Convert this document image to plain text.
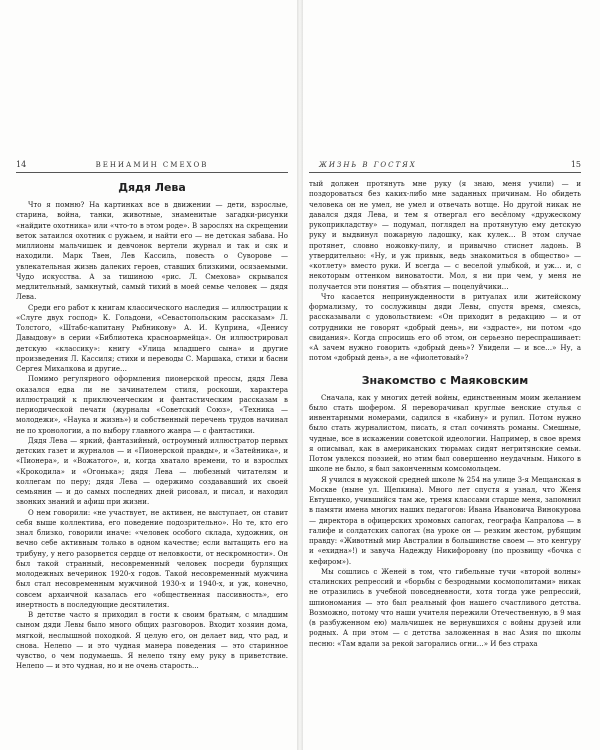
14	ВЕНИАМИН СМЕХОВ
Дядя Лева

Что я помню? На картинках все в движении — дети, взрослые, старина, война, танки, животные, знаменитые загадки-рисунки «найдите охотника» или «что-то в этом роде». В зарослях на скрещении веток затаился охотник с ружьем, и найти его — не детская забава. Но миллионы мальчишек и девчонок вертели журнал и так и сяк и находили. Марк Твен, Лев Кассиль, повесть о Суворове — увлекательная жизнь далеких героев, ставших близкими, осязаемыми. Чудо искусства. А за тишиною «рис. Л. Смехова» скрывался медлительный, замкнутый, самый тихий в моей семье человек — дядя Лева.

Среди его работ к книгам классического наследия — иллюстрации к «Слуге двух господ» К. Гольдони, «Севастопольским рассказам» Л. Толстого, «Штабс-капитану Рыбникову» А. И. Куприна, «Денису Давыдову» в серии «Библиотека красноармейца». Он иллюстрировал детскую «классику»: книгу «Улица младшего сына» и другие произведения Л. Кассиля; стихи и переводы С. Маршака, стихи и басни Сергея Михалкова и другие…

Помимо регулярного оформления пионерской прессы, дядя Лева оказался едва ли не зачинателем стиля, роскоши, характера иллюстраций к приключенческим и фантастическим рассказам в периодической печати (журналы «Советский Союз», «Техника — молодежи», «Наука и жизнь») и собственный перечень трудов начинал не по хронологии, а по выбору главного жанра — с фантастики.

Дядя Лева — яркий, фантазийный, остроумный иллюстратор первых детских газет и журналов — и «Пионерской правды», и «Затейника», и «Пионера», и «Вожатого», и, когда хватало времени, то и взрослых «Крокодила» и «Огонька»; дядя Лева — любезный читателям и коллегам по перу; дядя Лева — одержимо создававший их своей семьянин — и до самых последних дней рисовал, и писал, и находил звонких знаний и афиш при жизни.

О нем говорили: «не участвует, не активен, не выступает, он ставит себя выше коллектива, его поведение подозрительно». Но те, кто его знал близко, говорили иначе: «человек особого склада, художник, он вечно себе активным только в одном качестве; если вытащить его на трибуну, у него разорвется сердце от неловкости, от нескромности». Он был такой странный, несовременный человек посреди бурлящих молодежных вечеринок 1920-х годов. Такой несовременный мужчина был стал несовременным мужчиной 1930-х и 1940-х, и уж, конечно, совсем архаичной казалась его «общественная пассивность», его инертность в последующие десятилетия.

В детстве часто я приходил в гости к своим братьям, с младшим сыном дяди Левы было много общих разговоров. Входит хозяин дома, мягкой, неслышной походкой. Я целую его, он делает вид, что рад, и снова. Нелепо — и это чудная манера поведения — это старинное чувство, о чем подумаешь. Я нелепо тяну ему руку в приветствие. Нелепо — и это чудная, но и не очень старость...

ЖИЗНЬ В ГОСТЯХ	15

тый должен протянуть мне руку (я знаю, меня учили) — и поздороваться без каких-либо мне заданных причинам. Но обидеть человека он не умел, не умел и отвечать вотще. Но другой никак не давался дядя Лева, и тем я отвергал его весёлому «дружескому рукоприкладству» — подумал, поглядел на протянутую ему детскую руку и выдвинул пожарную ладошку, как кулек… В этом случае протянет, словно ножовку-пилу, и привычно стиснет ладонь. В утвердительно: «Ну, и уж привык, ведь знакомиться в общество» — «котлету» вместо руки. И всегда — с веселой улыбкой, и уж… и, с некоторым оттенком виноватости. Мол, я ни при чем, у меня не получается эти понятия — объятия — поцелуйчики…

Что касается непринужденности в ритуалах или житейскому формализму, то сослуживцы дяди Левы, спустя время, смеясь, рассказывали с удовольствием: «Он приходит в редакцию — и от сотрудники не говорят «добрый день», ни «здрасте», ни потом «до свидания». Когда спросишь его об этом, он серьезно переспрашивает: «А зачем нужно говорить «добрый день»? Увидели — и все…» Ну, а потом «добрый день», а не «фиолетовый»?

Знакомство с Маяковским

Сначала, как у многих детей войны, единственным моим желанием было стать шофером. Я переворачивал круглые венские стулья с инвентарными номерами, садился в «кабину» и рулил. Потом нужно было стать журналистом, писать, я стал сочинять романы. Смешные, чудные, все в искажении советской идеологии. Например, в свое время я описывал, как в американских тюрьмах сидят негритянские семьи. Потом увлекся поэзией, но этим был совершенно неудачным. Никого в школе не было, я был законченным комсомольцем.

Я учился в мужской средней школе № 254 на улице 3-я Мещанская в Москве (ныне ул. Щепкина). Много лет спустя я узнал, что Женя Евтушенко, учившийся там же, тремя классами старше меня, запомнил в памяти имена многих наших педагогов: Ивана Ивановича Винокурова — директора в офицерских хромовых сапогах, географа Капралова — в галифе и солдатских сапогах (на уроке он — резким жестом, рубящим правду: «Животный мир Австралии в большинстве своем — это кенгуру и «ехидна»!) и завуча Надежду Никифоровну (по прозвищу «бочка с кефиром»).

Мы сошлись с Женей в том, что гибельные тучи «второй волны» сталинских репрессий и «борьбы с безродными космополитами» никак не отразились в учебной повседневности, хотя тогда уже репрессий, шпиономания — это был реальный фон нашего счастливого детства. Возможно, потому что наши учителя пережили Отечественную, в 9 мая (в разбуженном ею) мальчишек не вернувшихся с войны друзей или родных. А при этом — с детства заложенная в нас Азия по школы песню: «Там вдали за рекой загорались огни…» И без страха
